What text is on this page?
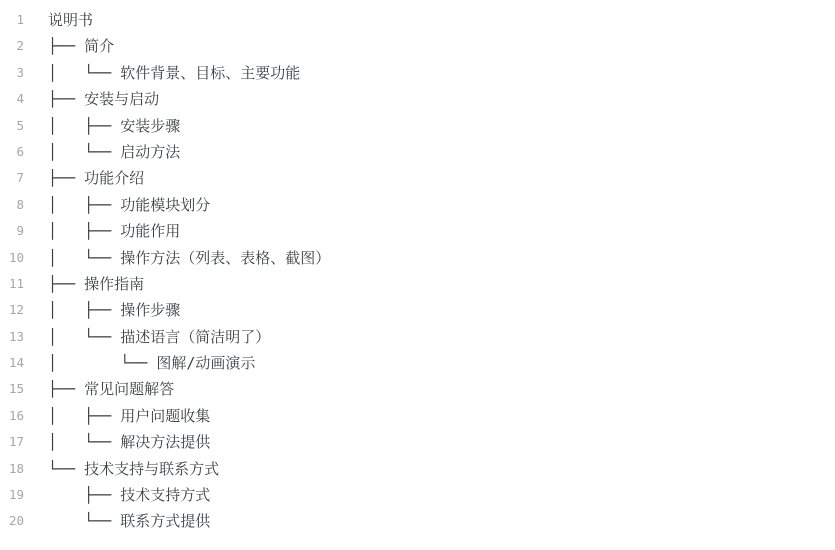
1	说明书
2	├── 简介
3	│   └── 软件背景、目标、主要功能
4	├── 安装与启动
5	│   ├── 安装步骤
6	│   └── 启动方法
7	├── 功能介绍
8	│   ├── 功能模块划分
9	│   ├── 功能作用
10	│   └── 操作方法（列表、表格、截图）
11	├── 操作指南
12	│   ├── 操作步骤
13	│   └── 描述语言（简洁明了）
14	│       └── 图解/动画演示
15	├── 常见问题解答
16	│   ├── 用户问题收集
17	│   └── 解决方法提供
18	└── 技术支持与联系方式
19	├── 技术支持方式
20	└── 联系方式提供
